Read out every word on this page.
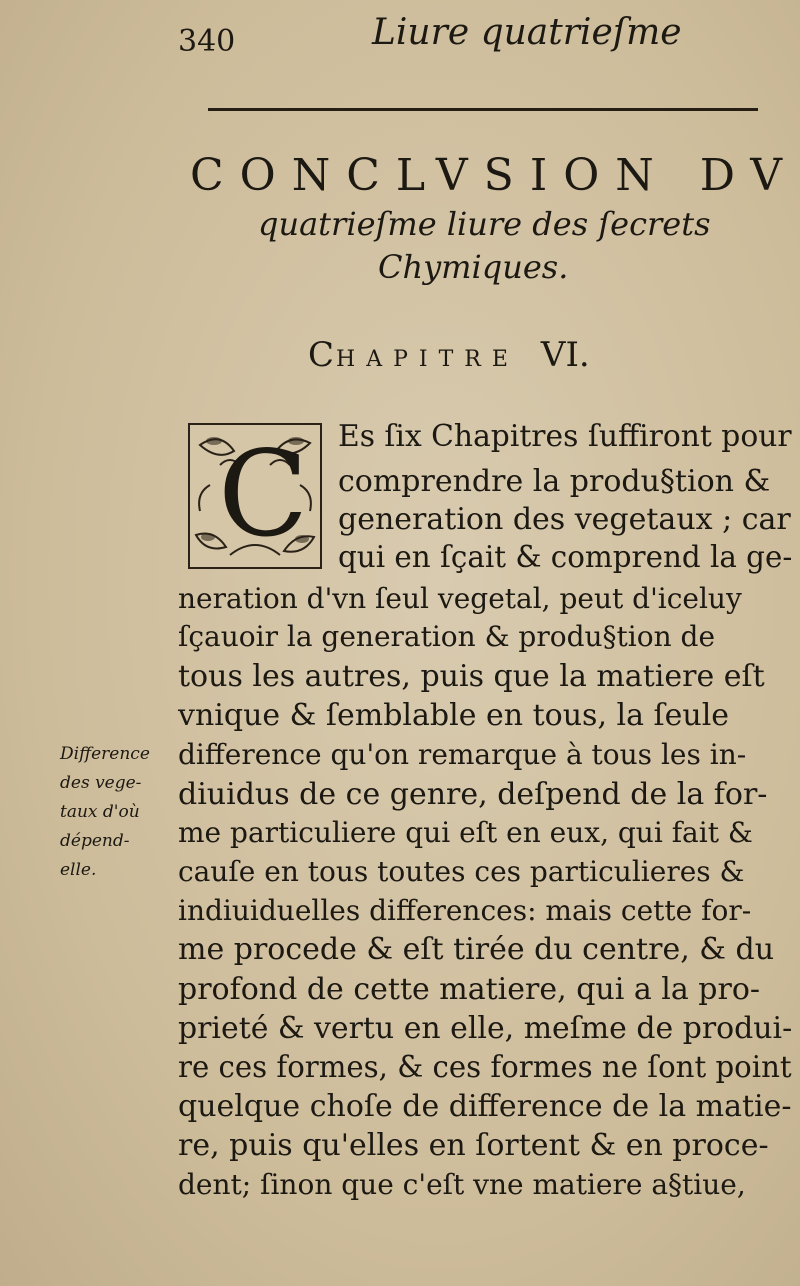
340	Liure quatrieſme
CONCLVSION DV
quatrieſme liure des ſecrets
Chymiques.
CHAPITRE VI.
C
Difference
des vege-
taux d'où
dépend-
elle.
Es ſix Chapitres ſuffiront pour
comprendre la produ§tion &
generation des vegetaux ; car
qui en ſçait & comprend la ge-
neration d'vn ſeul vegetal, peut d'iceluy
ſçauoir la generation & produ§tion de
tous les autres, puis que la matiere eſt
vnique & ſemblable en tous, la ſeule
difference qu'on remarque à tous les in-
diuidus de ce genre, deſpend de la for-
me particuliere qui eſt en eux, qui fait &
cauſe en tous toutes ces particulieres &
indiuiduelles differences: mais cette for-
me procede & eſt tirée du centre, & du
profond de cette matiere, qui a la pro-
prieté & vertu en elle, meſme de produi-
re ces formes, & ces formes ne ſont point
quelque choſe de difference de la matie-
re, puis qu'elles en ſortent & en proce-
dent; ſinon que c'eſt vne matiere a§tiue,
